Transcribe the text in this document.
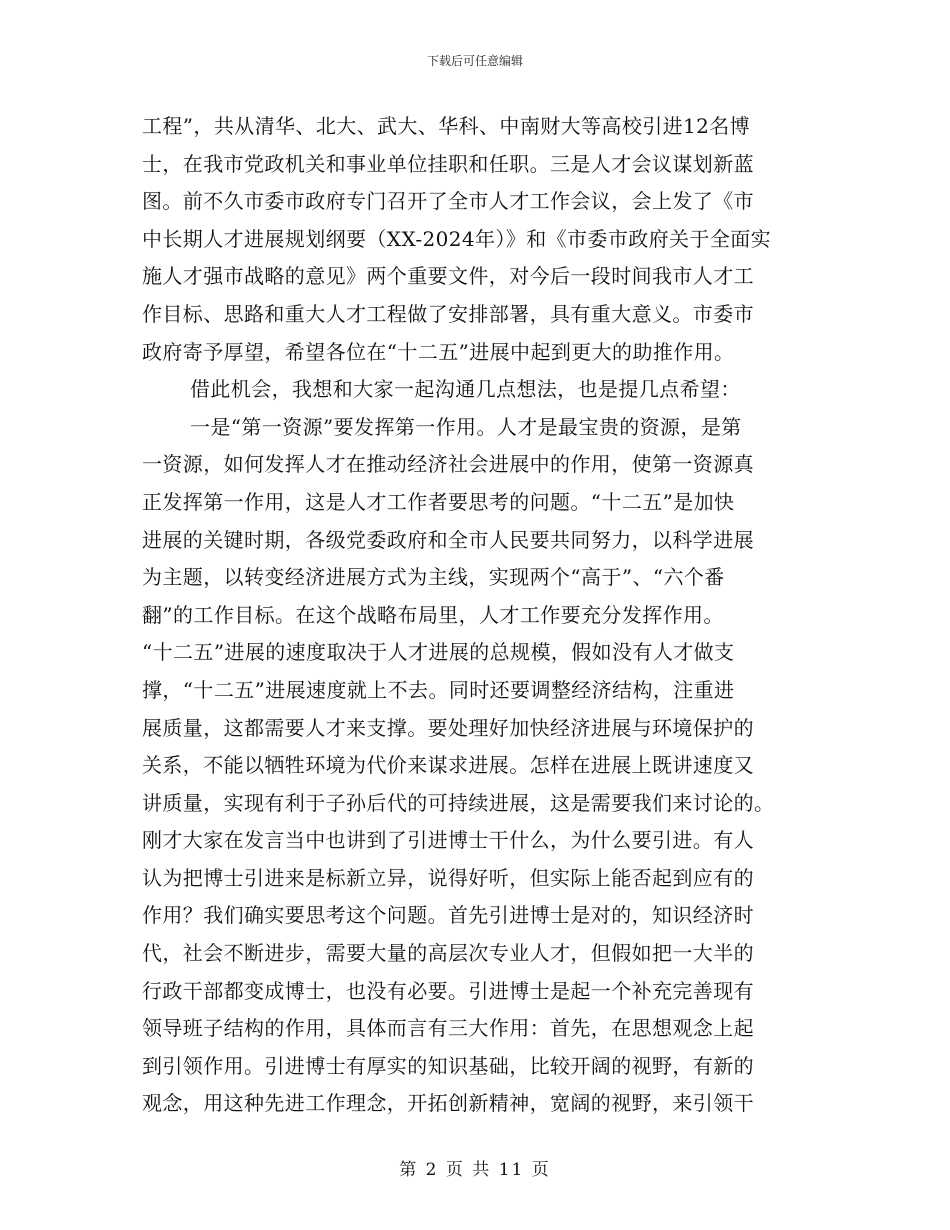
下载后可任意编辑
工程”，共从清华、北大、武大、华科、中南财大等高校引进12名博
士，在我市党政机关和事业单位挂职和任职。三是人才会议谋划新蓝
图。前不久市委市政府专门召开了全市人才工作会议，会上发了《市
中长期人才进展规划纲要（XX-2024年）》和《市委市政府关于全面实
施人才强市战略的意见》两个重要文件，对今后一段时间我市人才工
作目标、思路和重大人才工程做了安排部署，具有重大意义。市委市
政府寄予厚望，希望各位在“十二五”进展中起到更大的助推作用。
借此机会，我想和大家一起沟通几点想法，也是提几点希望：
一是“第一资源”要发挥第一作用。人才是最宝贵的资源，是第
一资源，如何发挥人才在推动经济社会进展中的作用，使第一资源真
正发挥第一作用，这是人才工作者要思考的问题。“十二五”是加快
进展的关键时期，各级党委政府和全市人民要共同努力，以科学进展
为主题，以转变经济进展方式为主线，实现两个“高于”、“六个番
翻”的工作目标。在这个战略布局里，人才工作要充分发挥作用。
“十二五”进展的速度取决于人才进展的总规模，假如没有人才做支
撑，“十二五”进展速度就上不去。同时还要调整经济结构，注重进
展质量，这都需要人才来支撑。要处理好加快经济进展与环境保护的
关系，不能以牺牲环境为代价来谋求进展。怎样在进展上既讲速度又
讲质量，实现有利于子孙后代的可持续进展，这是需要我们来讨论的。
刚才大家在发言当中也讲到了引进博士干什么，为什么要引进。有人
认为把博士引进来是标新立异，说得好听，但实际上能否起到应有的
作用？我们确实要思考这个问题。首先引进博士是对的，知识经济时
代，社会不断进步，需要大量的高层次专业人才，但假如把一大半的
行政干部都变成博士，也没有必要。引进博士是起一个补充完善现有
领导班子结构的作用，具体而言有三大作用：首先，在思想观念上起
到引领作用。引进博士有厚实的知识基础，比较开阔的视野，有新的
观念，用这种先进工作理念，开拓创新精神，宽阔的视野，来引领干
第 2 页 共 11 页
